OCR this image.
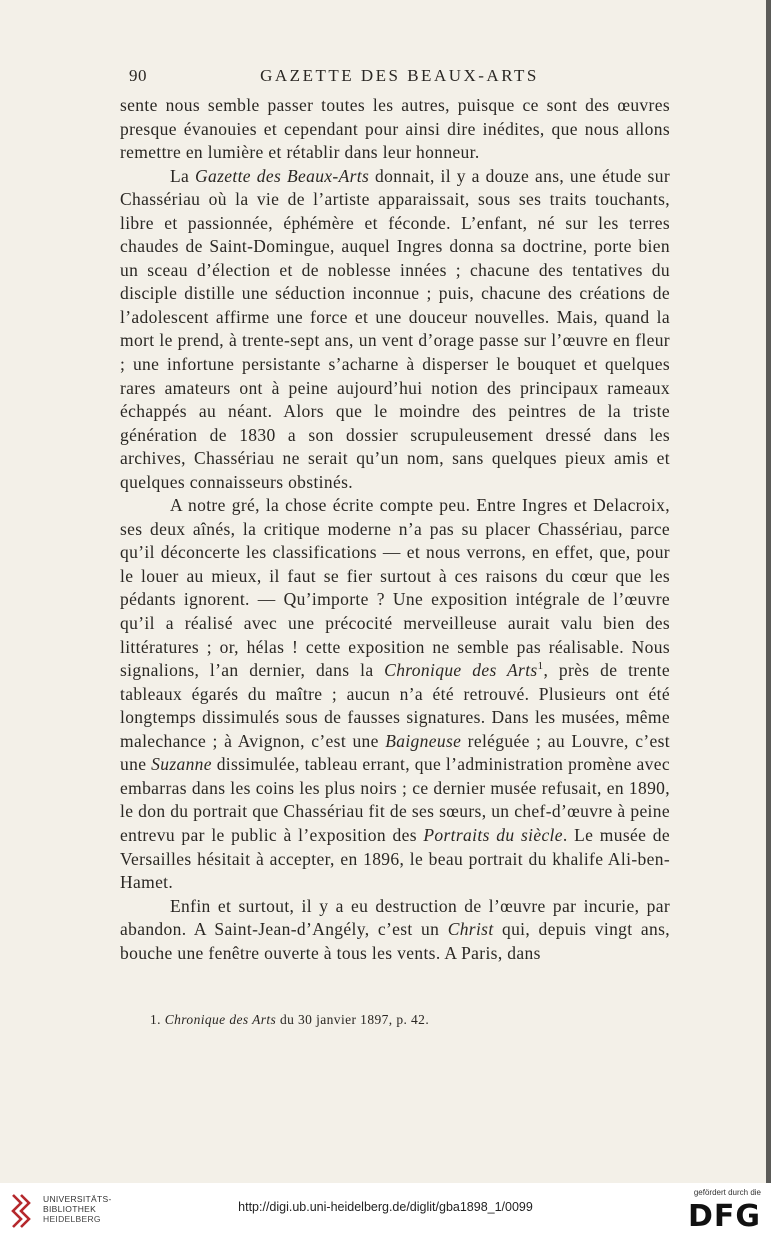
90	GAZETTE DES BEAUX-ARTS

sente nous semble passer toutes les autres, puisque ce sont des œuvres presque évanouies et cependant pour ainsi dire inédites, que nous allons remettre en lumière et rétablir dans leur honneur.

La Gazette des Beaux-Arts donnait, il y a douze ans, une étude sur Chassériau où la vie de l’artiste apparaissait, sous ses traits touchants, libre et passionnée, éphémère et féconde. L’enfant, né sur les terres chaudes de Saint-Domingue, auquel Ingres donna sa doctrine, porte bien un sceau d’élection et de noblesse innées ; chacune des tentatives du disciple distille une séduction inconnue ; puis, chacune des créations de l’adolescent affirme une force et une douceur nouvelles. Mais, quand la mort le prend, à trente-sept ans, un vent d’orage passe sur l’œuvre en fleur ; une infortune persistante s’acharne à disperser le bouquet et quelques rares amateurs ont à peine aujourd’hui notion des principaux rameaux échappés au néant. Alors que le moindre des peintres de la triste génération de 1830 a son dossier scrupuleusement dressé dans les archives, Chassériau ne serait qu’un nom, sans quelques pieux amis et quelques connaisseurs obstinés.

A notre gré, la chose écrite compte peu. Entre Ingres et Delacroix, ses deux aînés, la critique moderne n’a pas su placer Chassériau, parce qu’il déconcerte les classifications — et nous verrons, en effet, que, pour le louer au mieux, il faut se fier surtout à ces raisons du cœur que les pédants ignorent. — Qu’importe ? Une exposition intégrale de l’œuvre qu’il a réalisé avec une précocité merveilleuse aurait valu bien des littératures ; or, hélas ! cette exposition ne semble pas réalisable. Nous signalions, l’an dernier, dans la Chronique des Arts$^1$, près de trente tableaux égarés du maître ; aucun n’a été retrouvé. Plusieurs ont été longtemps dissimulés sous de fausses signatures. Dans les musées, même malechance ; à Avignon, c’est une Baigneuse reléguée ; au Louvre, c’est une Suzanne dissimulée, tableau errant, que l’administration promène avec embarras dans les coins les plus noirs ; ce dernier musée refusait, en 1890, le don du portrait que Chassériau fit de ses sœurs, un chef-d’œuvre à peine entrevu par le public à l’exposition des Portraits du siècle. Le musée de Versailles hésitait à accepter, en 1896, le beau portrait du khalife Ali-ben-Hamet.

Enfin et surtout, il y a eu destruction de l’œuvre par incurie, par abandon. A Saint-Jean-d’Angély, c’est un Christ qui, depuis vingt ans, bouche une fenêtre ouverte à tous les vents. A Paris, dans

1. Chronique des Arts du 30 janvier 1897, p. 42.
UNIVERSITÄTS-
BIBLIOTHEK
HEIDELBERG
http://digi.ub.uni-heidelberg.de/diglit/gba1898_1/0099
gefördert durch die
DFG
